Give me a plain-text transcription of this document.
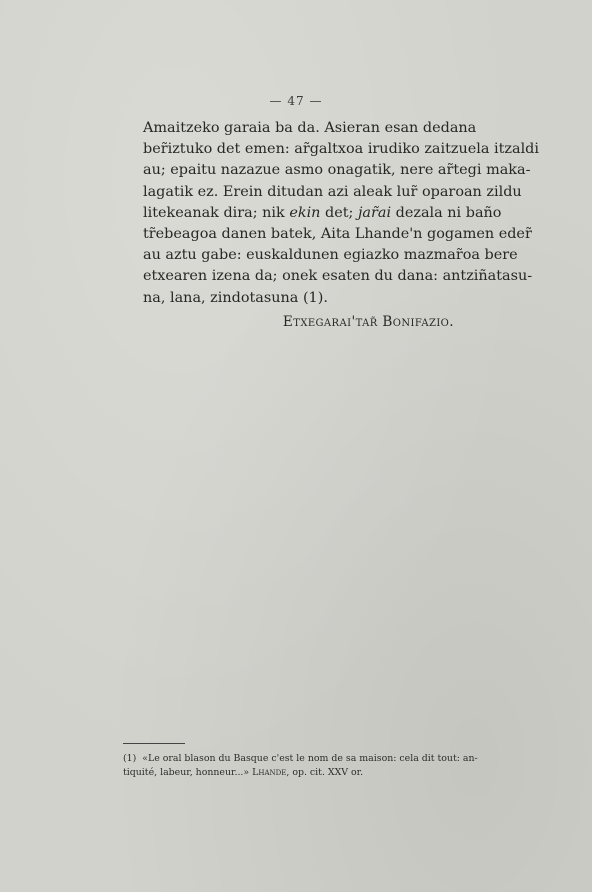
— 47 —
Amaitzeko garaia ba da. Asieran esan dedana
ber̃iztuko det emen: ar̃galtxoa irudiko zaitzuela itzaldi
au; epaitu nazazue asmo onagatik, nere ar̃tegi maka-
lagatik ez. Erein ditudan azi aleak lur̃ oparoan zildu
litekeanak dira; nik ekin det; jar̃ai dezala ni baño
tr̃ebeagoa danen batek, Aita Lhande'n gogamen eder̃
au aztu gabe: euskaldunen egiazko mazmar̃oa bere
etxearen izena da; onek esaten du dana: antziñatasu-
na, lana, zindotasuna (1).
Etxegarai'tar̃ Bonifazio.
(1) «Le oral blason du Basque c'est le nom de sa maison: cela dit tout: an-
tiquité, labeur, honneur...» Lhande, op. cit. XXV or.
